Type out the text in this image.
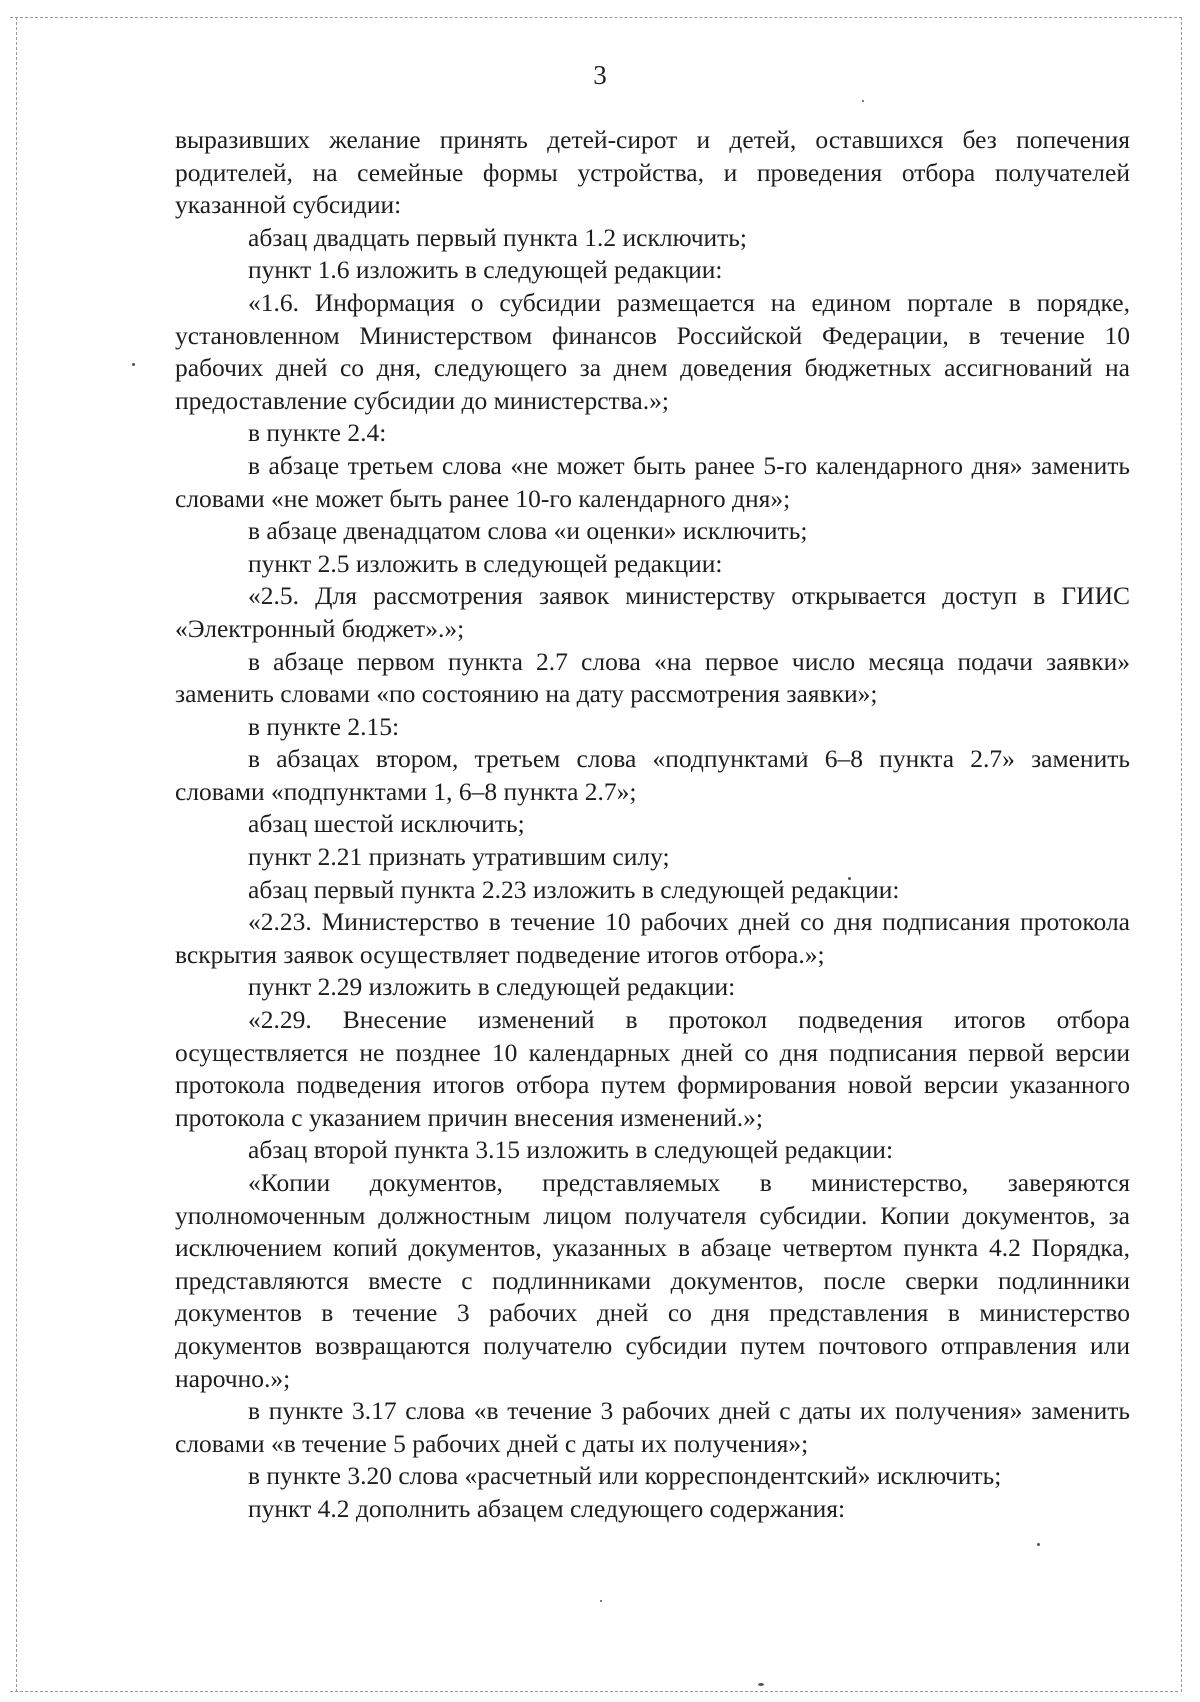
3

выразивших желание принять детей-сирот и детей, оставшихся без попечения родителей, на семейные формы устройства, и проведения отбора получателей указанной субсидии:

абзац двадцать первый пункта 1.2 исключить;

пункт 1.6 изложить в следующей редакции:

«1.6. Информация о субсидии размещается на едином портале в порядке, установленном Министерством финансов Российской Федерации, в течение 10 рабочих дней со дня, следующего за днем доведения бюджетных ассигнований на предоставление субсидии до министерства.»;

в пункте 2.4:

в абзаце третьем слова «не может быть ранее 5-го календарного дня» заменить словами «не может быть ранее 10-го календарного дня»;

в абзаце двенадцатом слова «и оценки» исключить;

пункт 2.5 изложить в следующей редакции:

«2.5. Для рассмотрения заявок министерству открывается доступ в ГИИС «Электронный бюджет».»;

в абзаце первом пункта 2.7 слова «на первое число месяца подачи заявки» заменить словами «по состоянию на дату рассмотрения заявки»;

в пункте 2.15:

в абзацах втором, третьем слова «подпунктами 6–8 пункта 2.7» заменить словами «подпунктами 1, 6–8 пункта 2.7»;

абзац шестой исключить;

пункт 2.21 признать утратившим силу;

абзац первый пункта 2.23 изложить в следующей редакции:

«2.23. Министерство в течение 10 рабочих дней со дня подписания протокола вскрытия заявок осуществляет подведение итогов отбора.»;

пункт 2.29 изложить в следующей редакции:

«2.29. Внесение изменений в протокол подведения итогов отбора осуществляется не позднее 10 календарных дней со дня подписания первой версии протокола подведения итогов отбора путем формирования новой версии указанного протокола с указанием причин внесения изменений.»;

абзац второй пункта 3.15 изложить в следующей редакции:

«Копии документов, представляемых в министерство, заверяются уполномоченным должностным лицом получателя субсидии. Копии документов, за исключением копий документов, указанных в абзаце четвертом пункта 4.2 Порядка, представляются вместе с подлинниками документов, после сверки подлинники документов в течение 3 рабочих дней со дня представления в министерство документов возвращаются получателю субсидии путем почтового отправления или нарочно.»;

в пункте 3.17 слова «в течение 3 рабочих дней с даты их получения» заменить словами «в течение 5 рабочих дней с даты их получения»;

в пункте 3.20 слова «расчетный или корреспондентский» исключить;

пункт 4.2 дополнить абзацем следующего содержания:
